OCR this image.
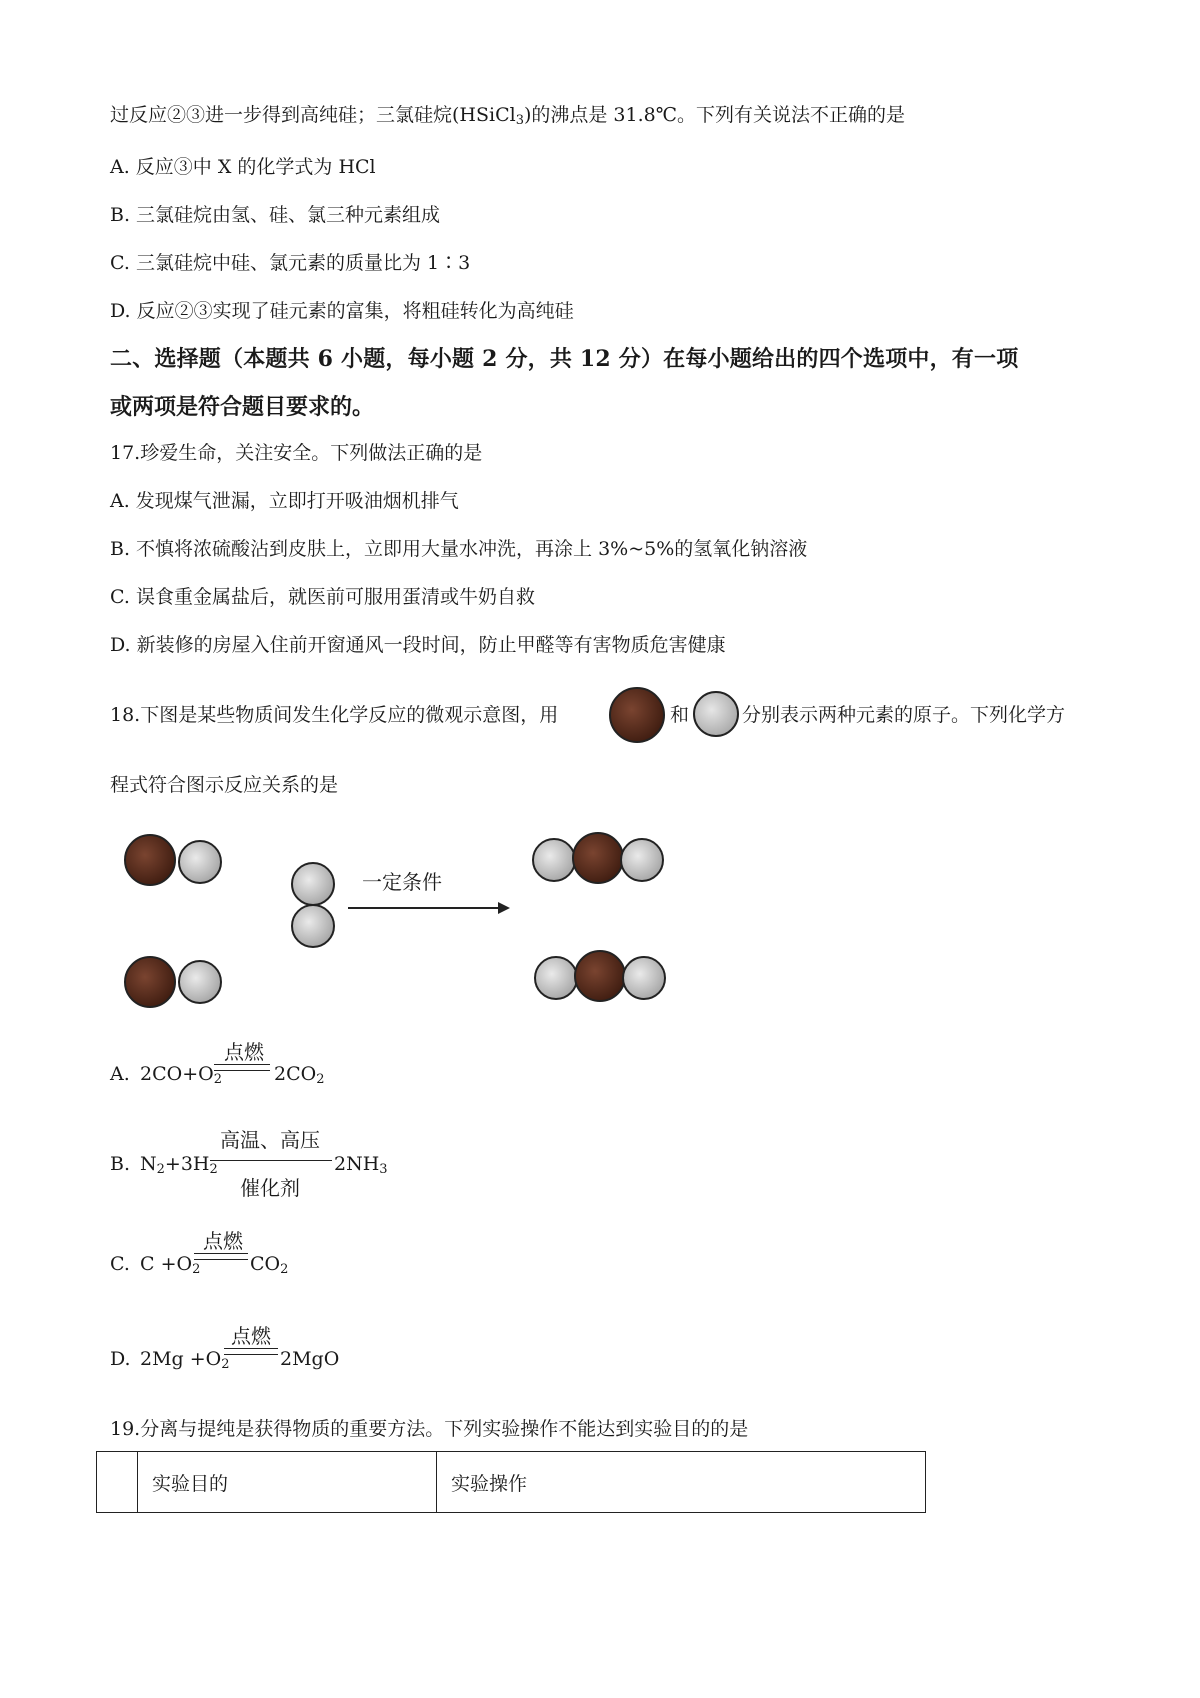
过反应②③进一步得到高纯硅；三氯硅烷(HSiCl$_3$)的沸点是 31.8℃。下列有关说法不正确的是
A. 反应③中 X 的化学式为 HCl
B. 三氯硅烷由氢、硅、氯三种元素组成
C. 三氯硅烷中硅、氯元素的质量比为 1∶3
D. 反应②③实现了硅元素的富集，将粗硅转化为高纯硅
二、选择题（本题共 6 小题，每小题 2 分，共 12 分）在每小题给出的四个选项中，有一项
或两项是符合题目要求的。
17.珍爱生命，关注安全。下列做法正确的是
A. 发现煤气泄漏，立即打开吸油烟机排气
B. 不慎将浓硫酸沾到皮肤上，立即用大量水冲洗，再涂上 3%~5%的氢氧化钠溶液
C. 误食重金属盐后，就医前可服用蛋清或牛奶自救
D. 新装修的房屋入住前开窗通风一段时间，防止甲醛等有害物质危害健康
18.下图是某些物质间发生化学反应的微观示意图，用	和	分别表示两种元素的原子。下列化学方
程式符合图示反应关系的是
一定条件
A. $2CO+O_2$
点燃
$2CO_2$
B. $N_2+3H_2$
高温、高压
催化剂
$2NH_3$
C. $C +O_2$
点燃
$CO_2$
D. $2Mg +O_2$
点燃
2MgO
19.分离与提纯是获得物质的重要方法。下列实验操作不能达到实验目的的是
	实验目的	实验操作
